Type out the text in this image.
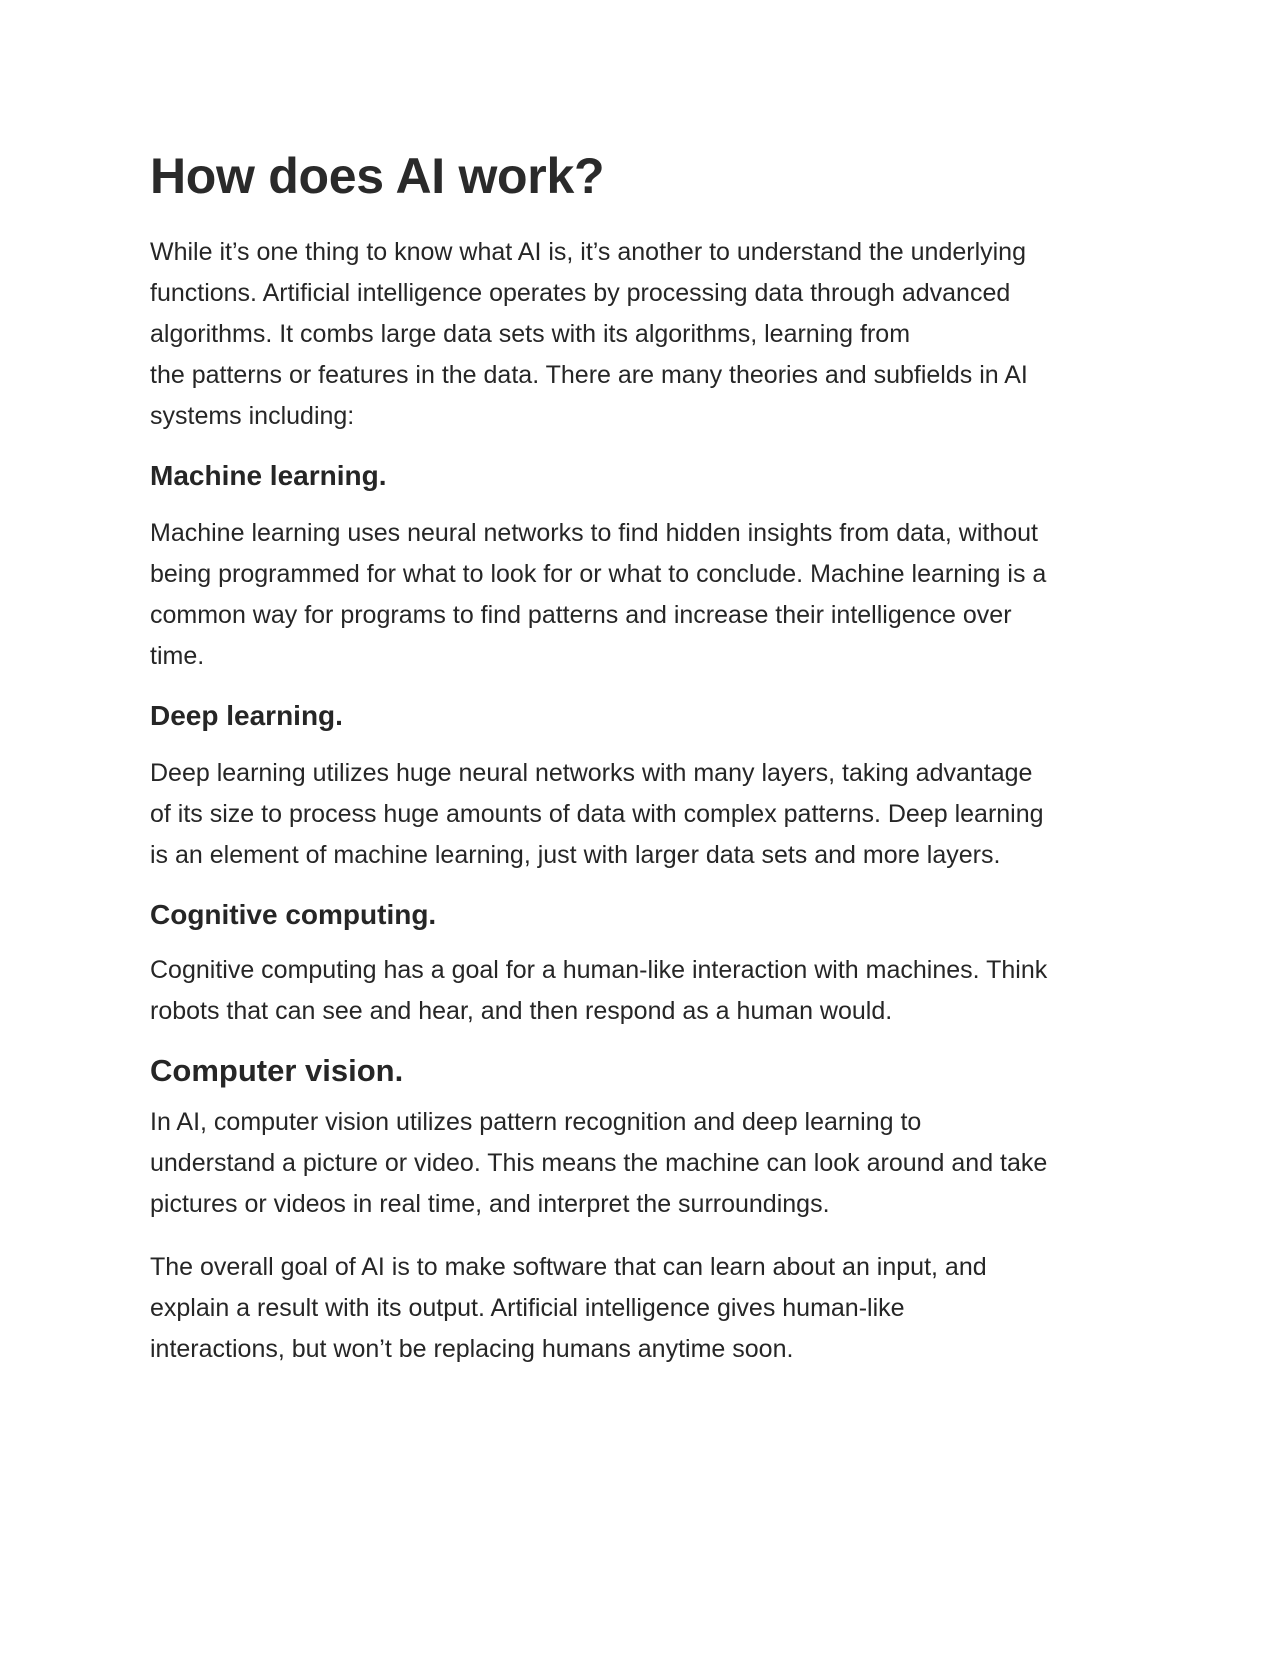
How does AI work?

While it’s one thing to know what AI is, it’s another to understand the underlying
functions. Artificial intelligence operates by processing data through advanced
algorithms. It combs large data sets with its algorithms, learning from
the patterns or features in the data. There are many theories and subfields in AI
systems including:

Machine learning.

Machine learning uses neural networks to find hidden insights from data, without
being programmed for what to look for or what to conclude. Machine learning is a
common way for programs to find patterns and increase their intelligence over
time.

Deep learning.

Deep learning utilizes huge neural networks with many layers, taking advantage
of its size to process huge amounts of data with complex patterns. Deep learning
is an element of machine learning, just with larger data sets and more layers.

Cognitive computing.

Cognitive computing has a goal for a human-like interaction with machines. Think
robots that can see and hear, and then respond as a human would.

Computer vision.

In AI, computer vision utilizes pattern recognition and deep learning to
understand a picture or video. This means the machine can look around and take
pictures or videos in real time, and interpret the surroundings.

The overall goal of AI is to make software that can learn about an input, and
explain a result with its output. Artificial intelligence gives human-like
interactions, but won’t be replacing humans anytime soon.
